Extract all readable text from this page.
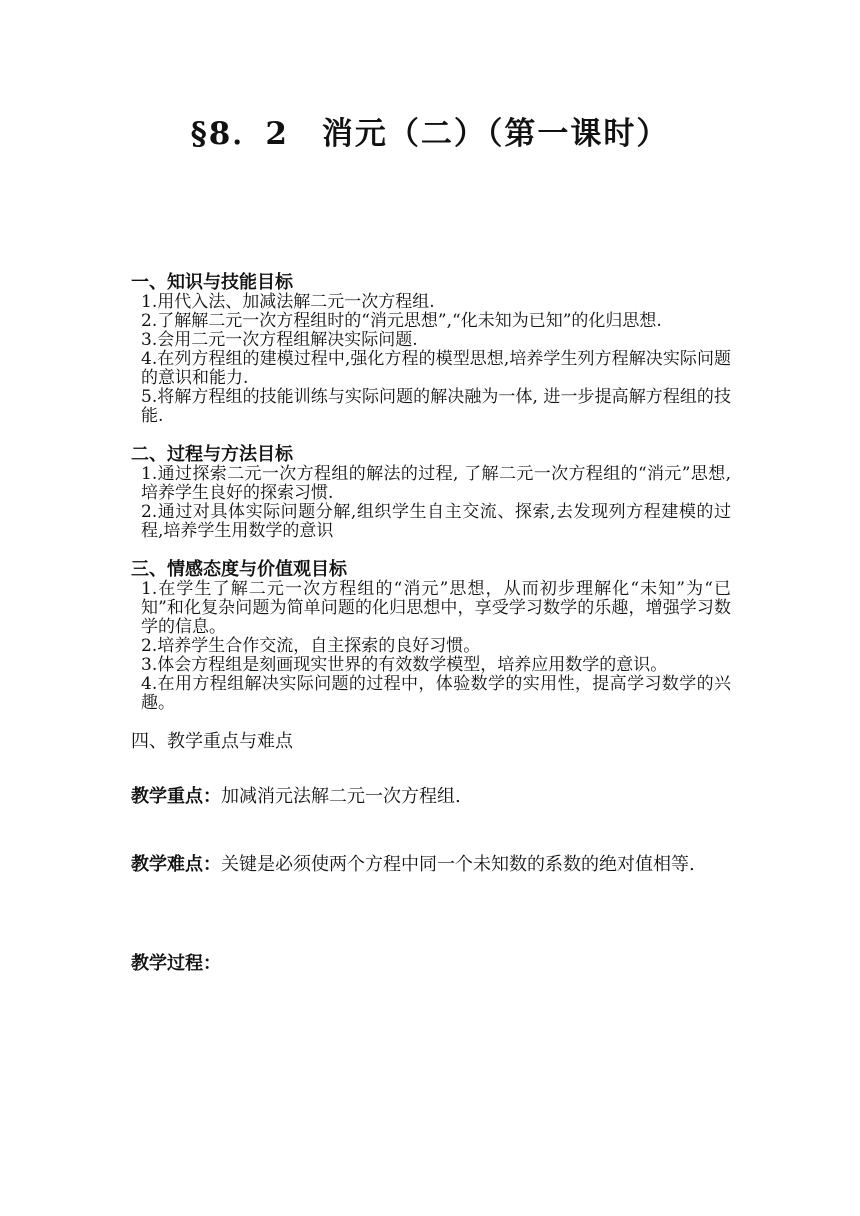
§8．2　消元（二）（第一课时）

一、知识与技能目标

1.用代入法、加减法解二元一次方程组.

2.了解解二元一次方程组时的“消元思想”,“化未知为已知”的化归思想.

3.会用二元一次方程组解决实际问题.

4.在列方程组的建模过程中,强化方程的模型思想,培养学生列方程解决实际问题的意识和能力.

5.将解方程组的技能训练与实际问题的解决融为一体, 进一步提高解方程组的技能.

二、过程与方法目标

1.通过探索二元一次方程组的解法的过程, 了解二元一次方程组的“消元”思想,培养学生良好的探索习惯.

2.通过对具体实际问题分解,组织学生自主交流、探索,去发现列方程建模的过程,培养学生用数学的意识

三、情感态度与价值观目标

1.在学生了解二元一次方程组的“消元”思想，从而初步理解化“未知”为“已知”和化复杂问题为简单问题的化归思想中，享受学习数学的乐趣，增强学习数学的信息。

2.培养学生合作交流，自主探索的良好习惯。

3.体会方程组是刻画现实世界的有效数学模型，培养应用数学的意识。

4.在用方程组解决实际问题的过程中，体验数学的实用性，提高学习数学的兴趣。

四、教学重点与难点

教学重点：加减消元法解二元一次方程组.

教学难点：关键是必须使两个方程中同一个未知数的系数的绝对值相等.

教学过程：
